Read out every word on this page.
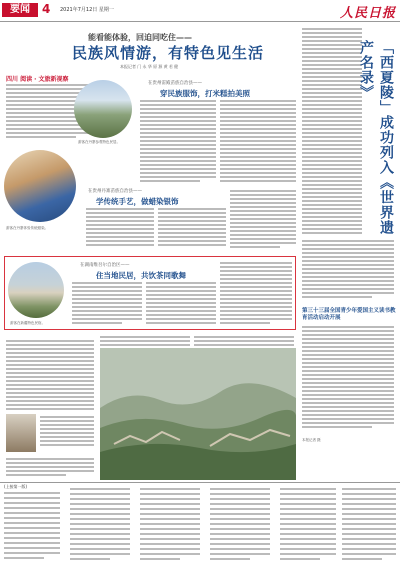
要闻	4 2021年7月12日 星期一	人民日报
能看能体验，回迫同吃住——
民族风情游，有特色见生活
本报记者 门 永 华 原 源 黄 若 健
四川 阅读 · 文旅新视察
游客在丹寨参观特色民居。
在贵州雷殿苗族自治县——
穿民族服饰，打米糕拍美照
游客在丹寨体验传统蜡染。
在贵州丹寨苗族自治县——
学传统手艺，做蜡染银饰
游客在新疆特色民宿。
在湖南维吾尔自治区——
住当地民居，共饮茶同歌舞
「西夏陵」成功列入《世界遗产名录》
第三十三届全国青少年爱国主义读书教育活动启动开展
本报记者 摄
(上接第一版)
